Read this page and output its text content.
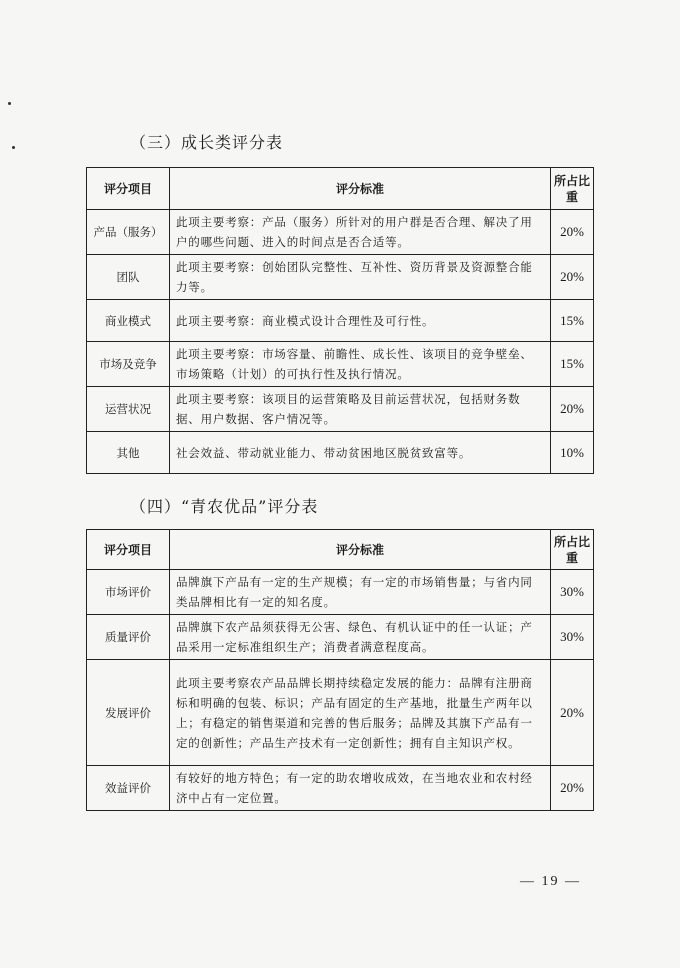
（三）成长类评分表
评分项目	评分标准	所占比重
产品（服务）	此项主要考察：产品（服务）所针对的用户群是否合理、解决了用户的哪些问题、进入的时间点是否合适等。	20%
团队	此项主要考察：创始团队完整性、互补性、资历背景及资源整合能力等。	20%
商业模式	此项主要考察：商业模式设计合理性及可行性。	15%
市场及竞争	此项主要考察：市场容量、前瞻性、成长性、该项目的竞争壁垒、市场策略（计划）的可执行性及执行情况。	15%
运营状况	此项主要考察：该项目的运营策略及目前运营状况，包括财务数据、用户数据、客户情况等。	20%
其他	社会效益、带动就业能力、带动贫困地区脱贫致富等。	10%
（四）“青农优品”评分表
评分项目	评分标准	所占比重
市场评价	品牌旗下产品有一定的生产规模；有一定的市场销售量；与省内同类品牌相比有一定的知名度。	30%
质量评价	品牌旗下农产品须获得无公害、绿色、有机认证中的任一认证；产品采用一定标准组织生产；消费者满意程度高。	30%
发展评价	此项主要考察农产品品牌长期持续稳定发展的能力：品牌有注册商标和明确的包装、标识；产品有固定的生产基地，批量生产两年以上；有稳定的销售渠道和完善的售后服务；品牌及其旗下产品有一定的创新性；产品生产技术有一定创新性；拥有自主知识产权。	20%
效益评价	有较好的地方特色；有一定的助农增收成效，在当地农业和农村经济中占有一定位置。	20%
— 19 —
